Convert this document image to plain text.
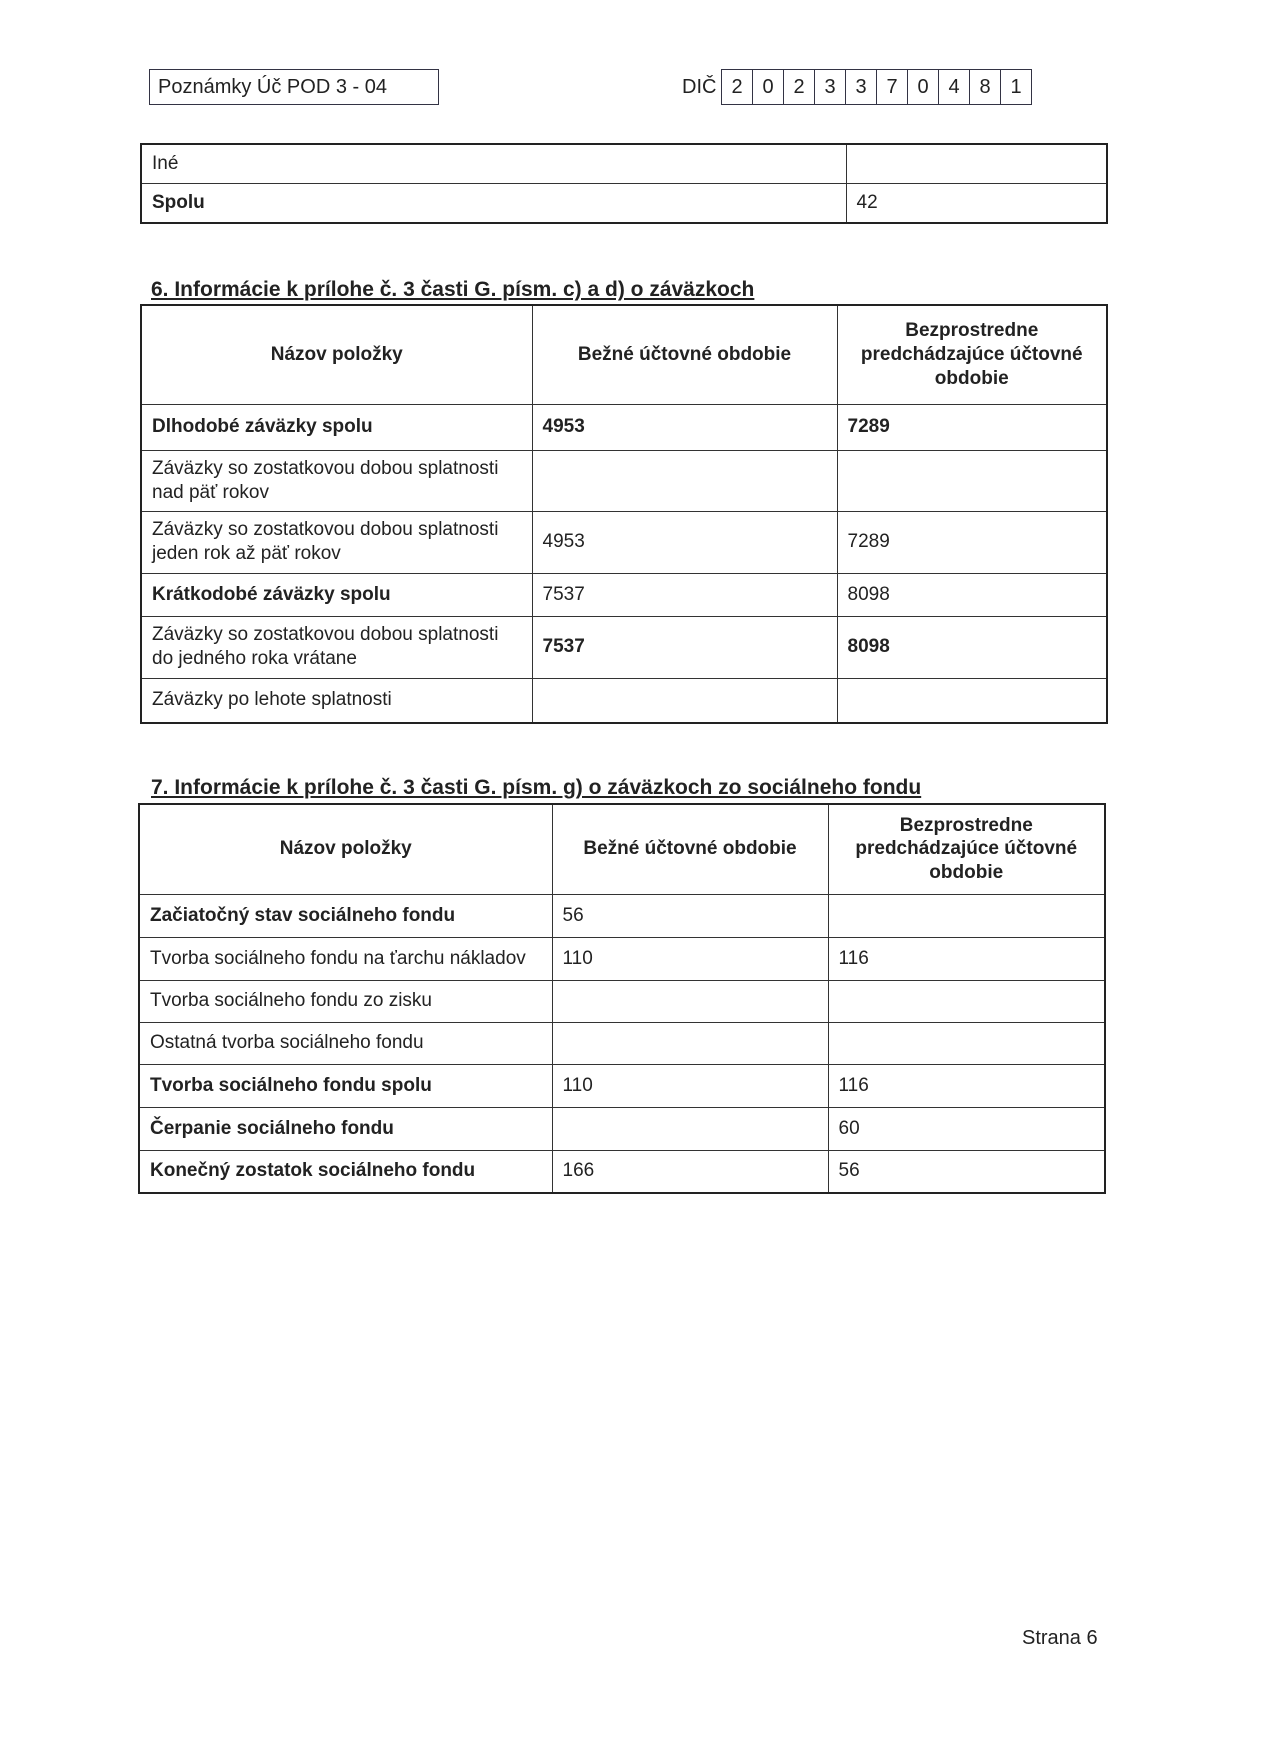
Poznámky Úč POD 3 - 04	DIČ 2 0 2 3 3 7 0 4 8 1
Iné	
Spolu	42
6. Informácie k prílohe č. 3 časti G. písm. c) a d) o záväzkoch
Názov položky	Bežné účtovné obdobie	Bezprostredne predchádzajúce účtovné obdobie
Dlhodobé záväzky spolu	4953	7289
Záväzky so zostatkovou dobou splatnosti nad päť rokov		
Záväzky so zostatkovou dobou splatnosti jeden rok až päť rokov	4953	7289
Krátkodobé záväzky spolu	7537	8098
Záväzky so zostatkovou dobou splatnosti do jedného roka vrátane	7537	8098
Záväzky po lehote splatnosti		
7. Informácie k prílohe č. 3 časti G. písm. g) o záväzkoch zo sociálneho fondu
Názov položky	Bežné účtovné obdobie	Bezprostredne predchádzajúce účtovné obdobie
Začiatočný stav sociálneho fondu	56	
Tvorba sociálneho fondu na ťarchu nákladov	110	116
Tvorba sociálneho fondu zo zisku		
Ostatná tvorba sociálneho fondu		
Tvorba sociálneho fondu spolu	110	116
Čerpanie sociálneho fondu		60
Konečný zostatok sociálneho fondu	166	56
Strana 6
